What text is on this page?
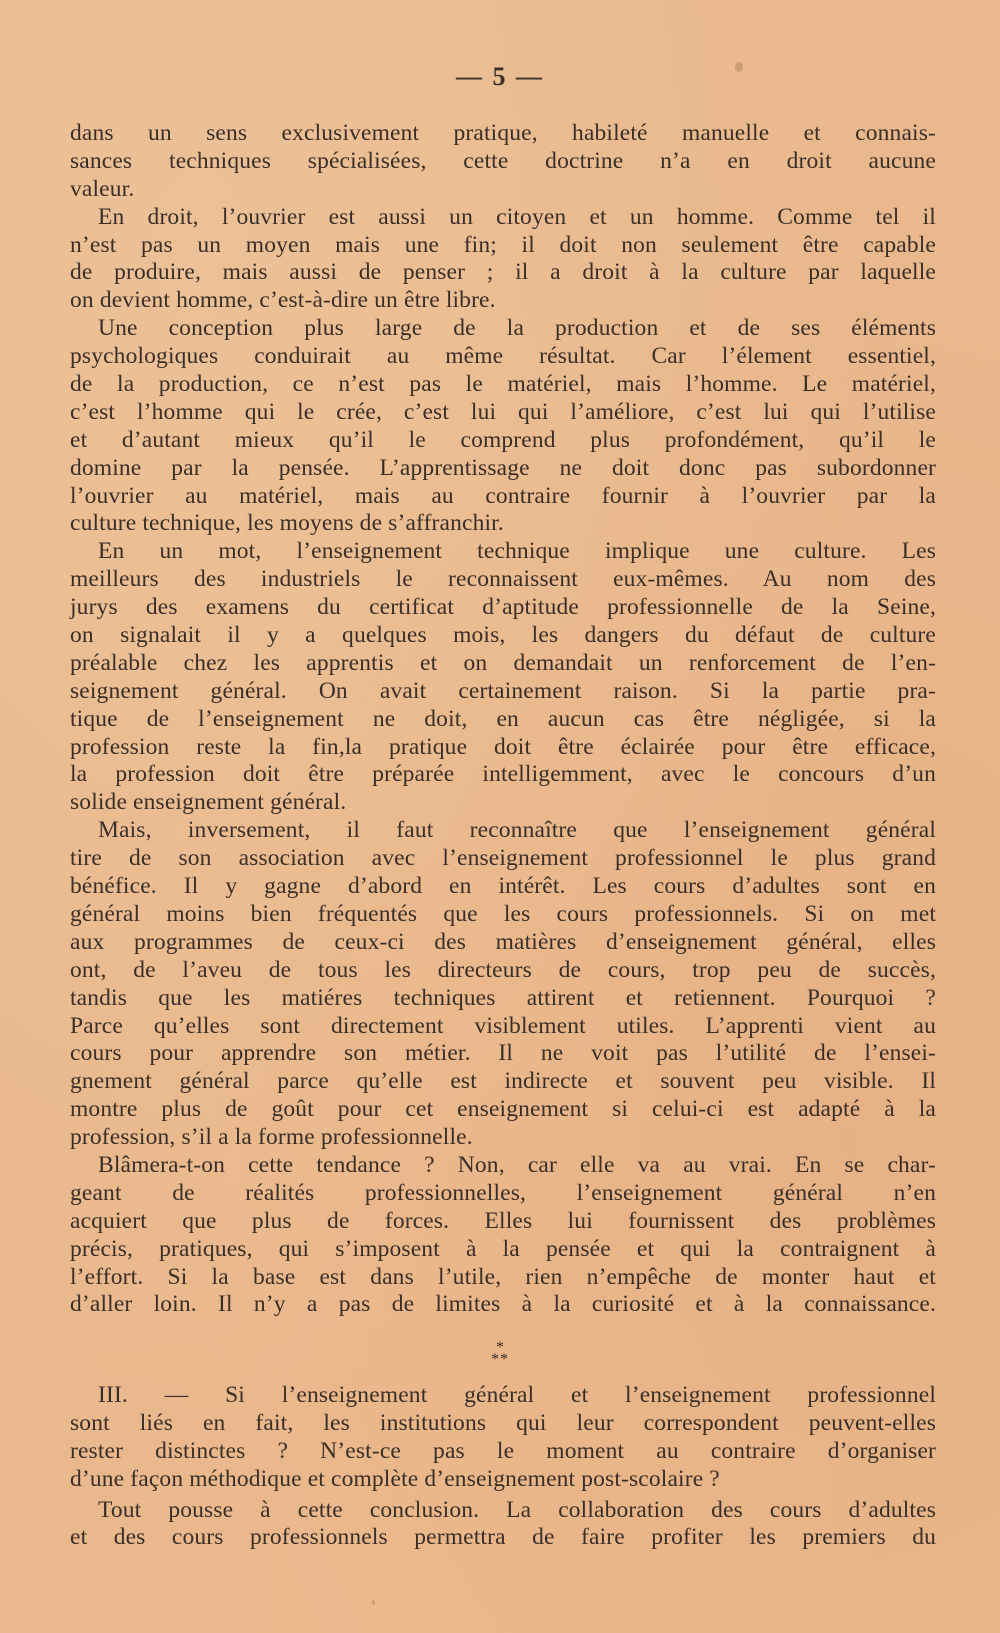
— 5 —
dans un sens exclusivement pratique, habileté manuelle et connais-
sances techniques spécialisées, cette doctrine n’a en droit aucune
valeur.
En droit, l’ouvrier est aussi un citoyen et un homme. Comme tel il
n’est pas un moyen mais une fin; il doit non seulement être capable
de produire, mais aussi de penser ; il a droit à la culture par laquelle
on devient homme, c’est-à-dire un être libre.
Une conception plus large de la production et de ses éléments
psychologiques conduirait au même résultat. Car l’élement essentiel,
de la production, ce n’est pas le matériel, mais l’homme. Le matériel,
c’est l’homme qui le crée, c’est lui qui l’améliore, c’est lui qui l’utilise
et d’autant mieux qu’il le comprend plus profondément, qu’il le
domine par la pensée. L’apprentissage ne doit donc pas subordonner
l’ouvrier au matériel, mais au contraire fournir à l’ouvrier par la
culture technique, les moyens de s’affranchir.
En un mot, l’enseignement technique implique une culture. Les
meilleurs des industriels le reconnaissent eux-mêmes. Au nom des
jurys des examens du certificat d’aptitude professionnelle de la Seine,
on signalait il y a quelques mois, les dangers du défaut de culture
préalable chez les apprentis et on demandait un renforcement de l’en-
seignement général. On avait certainement raison. Si la partie pra-
tique de l’enseignement ne doit, en aucun cas être négligée, si la
profession reste la fin,la pratique doit être éclairée pour être efficace,
la profession doit être préparée intelligemment, avec le concours d’un
solide enseignement général.
Mais, inversement, il faut reconnaître que l’enseignement général
tire de son association avec l’enseignement professionnel le plus grand
bénéfice. Il y gagne d’abord en intérêt. Les cours d’adultes sont en
général moins bien fréquentés que les cours professionnels. Si on met
aux programmes de ceux-ci des matières d’enseignement général, elles
ont, de l’aveu de tous les directeurs de cours, trop peu de succès,
tandis que les matiéres techniques attirent et retiennent. Pourquoi ?
Parce qu’elles sont directement visiblement utiles. L’apprenti vient au
cours pour apprendre son métier. Il ne voit pas l’utilité de l’ensei-
gnement général parce qu’elle est indirecte et souvent peu visible. Il
montre plus de goût pour cet enseignement si celui-ci est adapté à la
profession, s’il a la forme professionnelle.
Blâmera-t-on cette tendance ? Non, car elle va au vrai. En se char-
geant de réalités professionnelles, l’enseignement général n’en
acquiert que plus de forces. Elles lui fournissent des problèmes
précis, pratiques, qui s’imposent à la pensée et qui la contraignent à
l’effort. Si la base est dans l’utile, rien n’empêche de monter haut et
d’aller loin. Il n’y a pas de limites à la curiosité et à la connaissance.
*
**
III. — Si l’enseignement général et l’enseignement professionnel
sont liés en fait, les institutions qui leur correspondent peuvent-elles
rester distinctes ? N’est-ce pas le moment au contraire d’organiser
d’une façon méthodique et complète d’enseignement post-scolaire ?
Tout pousse à cette conclusion. La collaboration des cours d’adultes
et des cours professionnels permettra de faire profiter les premiers du
